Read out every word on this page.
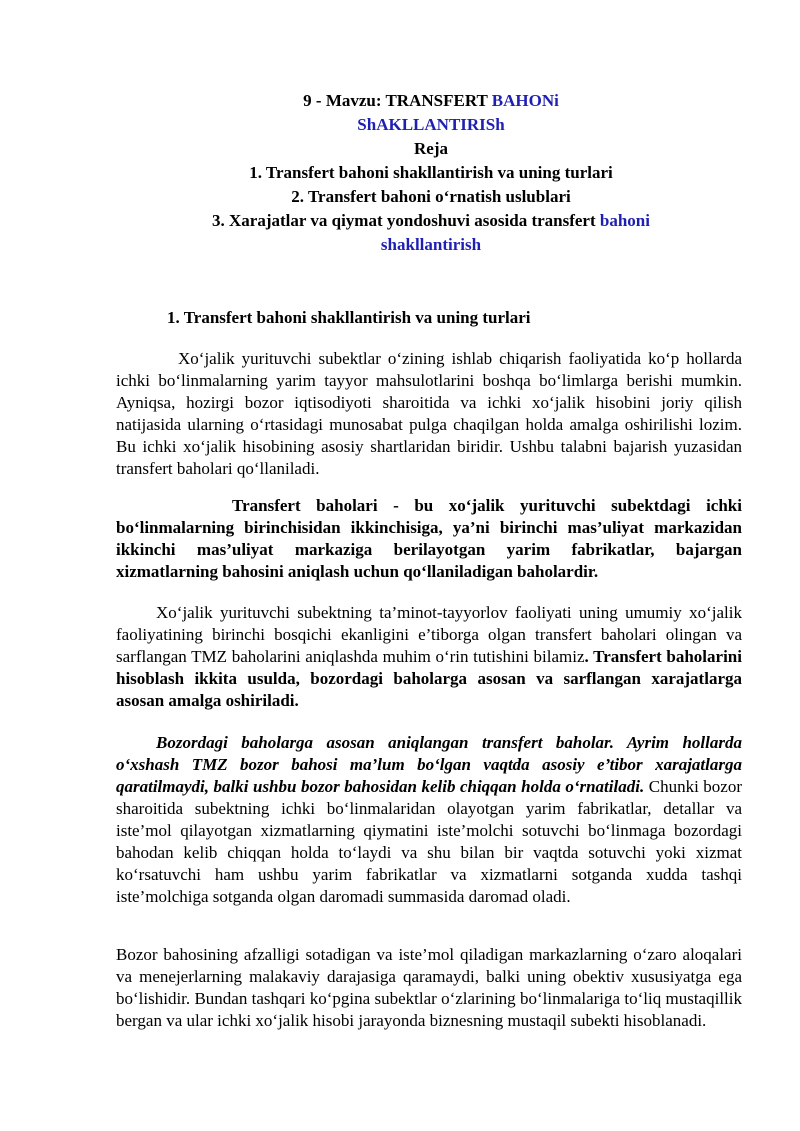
9 - Mavzu: TRANSFERT BAHONi
ShAKLLANTIRISh
Reja
1. Transfert bahoni shakllantirish va uning turlari
2. Transfert bahoni o‘rnatish uslublari
3. Xarajatlar va qiymat yondoshuvi asosida transfert bahoni
shakllantirish
1. Transfert bahoni shakllantirish va uning turlari

Xo‘jalik yurituvchi subektlar o‘zining ishlab chiqarish faoliyatida ko‘p hollarda ichki bo‘linmalarning yarim tayyor mahsulotlarini boshqa bo‘limlarga berishi mumkin. Ayniqsa, hozirgi bozor iqtisodiyoti sharoitida va ichki xo‘jalik hisobini joriy qilish natijasida ularning o‘rtasidagi munosabat pulga chaqilgan holda amalga oshirilishi lozim. Bu ichki xo‘jalik hisobining asosiy shartlaridan biridir. Ushbu talabni bajarish yuzasidan transfert baholari qo‘llaniladi.

Transfert baholari - bu xo‘jalik yurituvchi subektdagi ichki bo‘linmalarning birinchisidan ikkinchisiga, ya’ni birinchi mas’uliyat markazidan ikkinchi mas’uliyat markaziga berilayotgan yarim fabrikatlar, bajargan xizmatlarning bahosini aniqlash uchun qo‘llaniladigan baholardir.

Xo‘jalik yurituvchi subektning ta’minot-tayyorlov faoliyati uning umumiy xo‘jalik faoliyatining birinchi bosqichi ekanligini e’tiborga olgan transfert baholari olingan va sarflangan TMZ baholarini aniqlashda muhim o‘rin tutishini bilamiz. Transfert baholarini hisoblash ikkita usulda, bozordagi baholarga asosan va sarflangan xarajatlarga asosan amalga oshiriladi.

Bozordagi baholarga asosan aniqlangan transfert baholar. Ayrim hollarda o‘xshash TMZ bozor bahosi ma’lum bo‘lgan vaqtda asosiy e’tibor xarajatlarga qaratilmaydi, balki ushbu bozor bahosidan kelib chiqqan holda o‘rnatiladi. Chunki bozor sharoitida subektning ichki bo‘linmalaridan olayotgan yarim fabrikatlar, detallar va iste’mol qilayotgan xizmatlarning qiymatini iste’molchi sotuvchi bo‘linmaga bozordagi bahodan kelib chiqqan holda to‘laydi va shu bilan bir vaqtda sotuvchi yoki xizmat ko‘rsatuvchi ham ushbu yarim fabrikatlar va xizmatlarni sotganda xudda tashqi iste’molchiga sotganda olgan daromadi summasida daromad oladi.

Bozor bahosining afzalligi sotadigan va iste’mol qiladigan markazlarning o‘zaro aloqalari va menejerlarning malakaviy darajasiga qaramaydi, balki uning obektiv xususiyatga ega bo‘lishidir. Bundan tashqari ko‘pgina subektlar o‘zlarining bo‘linmalariga to‘liq mustaqillik bergan va ular ichki xo‘jalik hisobi jarayonda biznesning mustaqil subekti hisoblanadi.
